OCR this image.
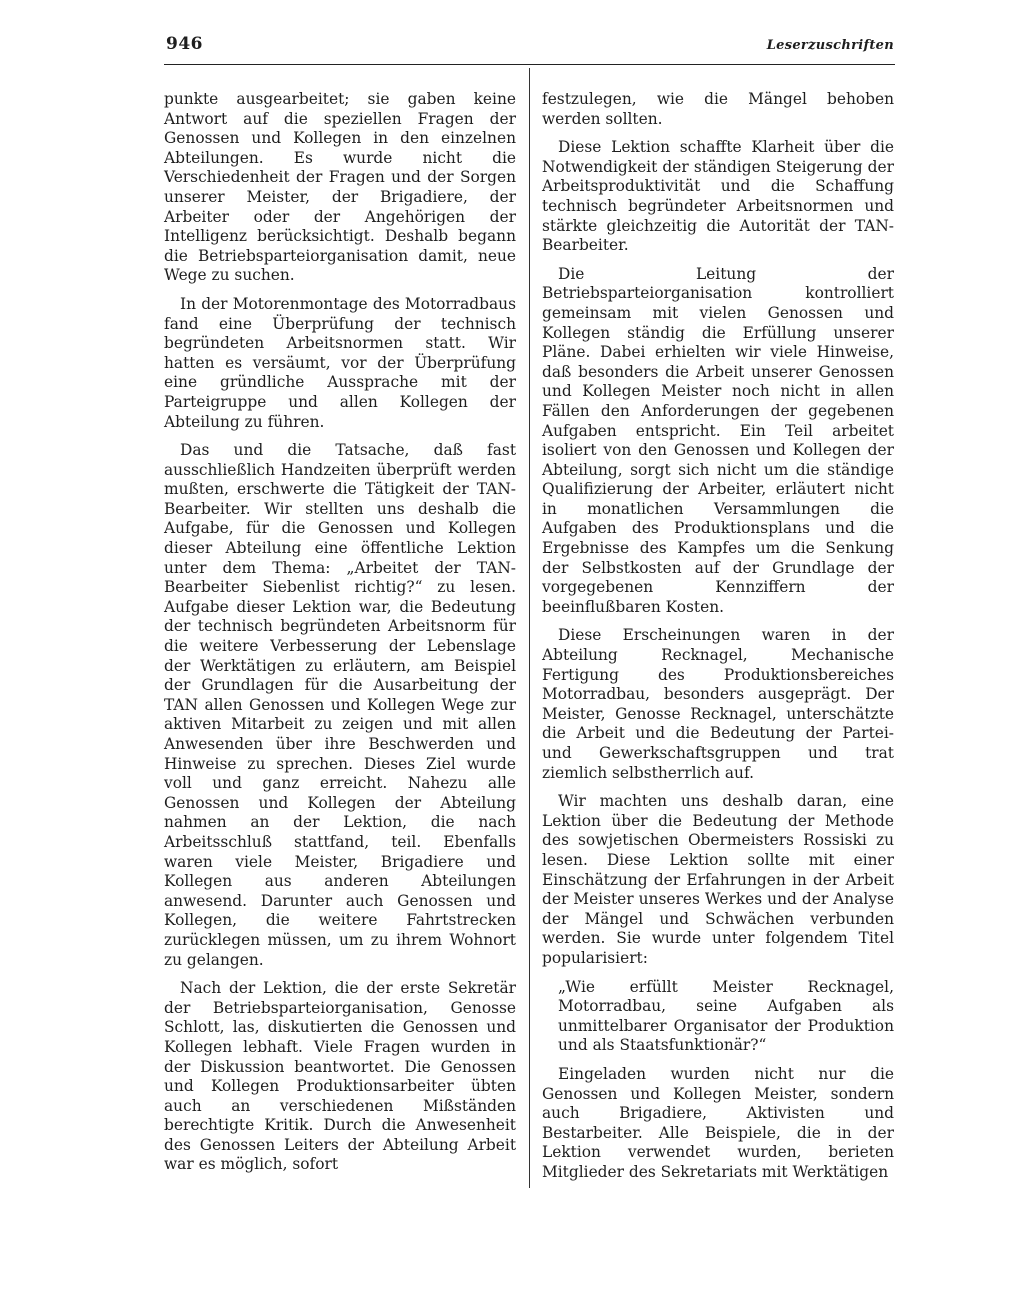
946	Leserzuschriften

punkte ausgearbeitet; sie gaben keine Antwort auf die speziellen Fragen der Genossen und Kollegen in den einzelnen Abteilungen. Es wurde nicht die Verschiedenheit der Fragen und der Sorgen unserer Meister, der Brigadiere, der Arbeiter oder der Angehörigen der Intelligenz berücksichtigt. Deshalb begann die Betriebsparteiorganisation damit, neue Wege zu suchen.

In der Motorenmontage des Motorradbaus fand eine Überprüfung der technisch begründeten Arbeitsnormen statt. Wir hatten es versäumt, vor der Überprüfung eine gründliche Aussprache mit der Parteigruppe und allen Kollegen der Abteilung zu führen.

Das und die Tatsache, daß fast ausschließlich Handzeiten überprüft werden mußten, erschwerte die Tätigkeit der TAN-Bearbeiter. Wir stellten uns deshalb die Aufgabe, für die Genossen und Kollegen dieser Abteilung eine öffentliche Lektion unter dem Thema: „Arbeitet der TAN-Bearbeiter Siebenlist richtig?“ zu lesen. Aufgabe dieser Lektion war, die Bedeutung der technisch begründeten Arbeitsnorm für die weitere Verbesserung der Lebenslage der Werktätigen zu erläutern, am Beispiel der Grundlagen für die Ausarbeitung der TAN allen Genossen und Kollegen Wege zur aktiven Mitarbeit zu zeigen und mit allen Anwesenden über ihre Beschwerden und Hinweise zu sprechen. Dieses Ziel wurde voll und ganz erreicht. Nahezu alle Genossen und Kollegen der Abteilung nahmen an der Lektion, die nach Arbeitsschluß stattfand, teil. Ebenfalls waren viele Meister, Brigadiere und Kollegen aus anderen Abteilungen anwesend. Darunter auch Genossen und Kollegen, die weitere Fahrtstrecken zurücklegen müssen, um zu ihrem Wohnort zu gelangen.

Nach der Lektion, die der erste Sekretär der Betriebsparteiorganisation, Genosse Schlott, las, diskutierten die Genossen und Kollegen lebhaft. Viele Fragen wurden in der Diskussion beantwortet. Die Genossen und Kollegen Produktionsarbeiter übten auch an verschiedenen Mißständen berechtigte Kritik. Durch die Anwesenheit des Genossen Leiters der Abteilung Arbeit war es möglich, sofort

festzulegen, wie die Mängel behoben werden sollten.

Diese Lektion schaffte Klarheit über die Notwendigkeit der ständigen Steigerung der Arbeitsproduktivität und die Schaffung technisch begründeter Arbeitsnormen und stärkte gleichzeitig die Autorität der TAN-Bearbeiter.

Die Leitung der Betriebsparteiorganisation kontrolliert gemeinsam mit vielen Genossen und Kollegen ständig die Erfüllung unserer Pläne. Dabei erhielten wir viele Hinweise, daß besonders die Arbeit unserer Genossen und Kollegen Meister noch nicht in allen Fällen den Anforderungen der gegebenen Aufgaben entspricht. Ein Teil arbeitet isoliert von den Genossen und Kollegen der Abteilung, sorgt sich nicht um die ständige Qualifizierung der Arbeiter, erläutert nicht in monatlichen Versammlungen die Aufgaben des Produktionsplans und die Ergebnisse des Kampfes um die Senkung der Selbstkosten auf der Grundlage der vorgegebenen Kennziffern der beeinflußbaren Kosten.

Diese Erscheinungen waren in der Abteilung Recknagel, Mechanische Fertigung des Produktionsbereiches Motorradbau, besonders ausgeprägt. Der Meister, Genosse Recknagel, unterschätzte die Arbeit und die Bedeutung der Partei- und Gewerkschaftsgruppen und trat ziemlich selbstherrlich auf.

Wir machten uns deshalb daran, eine Lektion über die Bedeutung der Methode des sowjetischen Obermeisters Rossiski zu lesen. Diese Lektion sollte mit einer Einschätzung der Erfahrungen in der Arbeit der Meister unseres Werkes und der Analyse der Mängel und Schwächen verbunden werden. Sie wurde unter folgendem Titel popularisiert:

„Wie erfüllt Meister Recknagel, Motorradbau, seine Aufgaben als unmittelbarer Organisator der Produktion und als Staatsfunktionär?“

Eingeladen wurden nicht nur die Genossen und Kollegen Meister, sondern auch Brigadiere, Aktivisten und Bestarbeiter. Alle Beispiele, die in der Lektion verwendet wurden, berieten Mitglieder des Sekretariats mit Werktätigen
